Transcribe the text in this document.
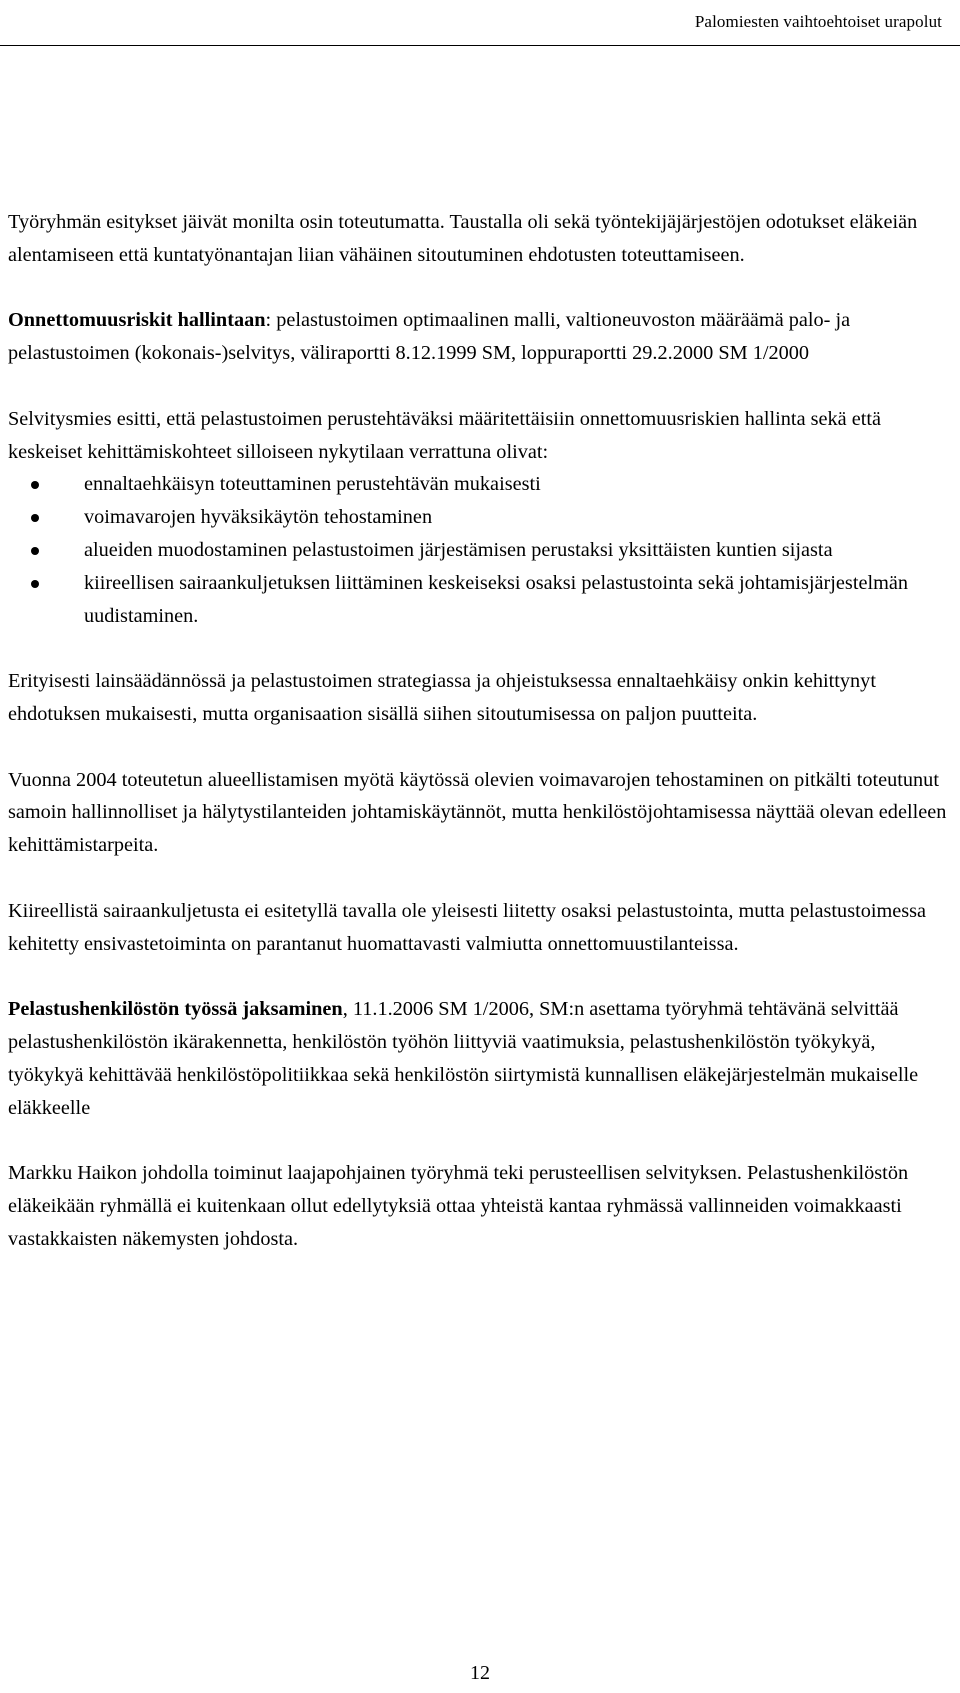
Palomiesten vaihtoehtoiset urapolut

Työryhmän esitykset jäivät monilta osin toteutumatta. Taustalla oli sekä työntekijäjärjestöjen odotukset eläkeiän alentamiseen että kuntatyönantajan liian vähäinen sitoutuminen ehdotusten toteuttamiseen.

Onnettomuusriskit hallintaan: pelastustoimen optimaalinen malli, valtioneuvoston määräämä palo- ja pelastustoimen (kokonais-)selvitys, väliraportti 8.12.1999 SM, loppuraportti 29.2.2000 SM 1/2000

Selvitysmies esitti, että pelastustoimen perustehtäväksi määritettäisiin onnettomuusriskien hallinta sekä että keskeiset kehittämiskohteet silloiseen nykytilaan verrattuna olivat:

ennaltaehkäisyn toteuttaminen perustehtävän mukaisesti
voimavarojen hyväksikäytön tehostaminen
alueiden muodostaminen pelastustoimen järjestämisen perustaksi yksittäisten kuntien sijasta
kiireellisen sairaankuljetuksen liittäminen keskeiseksi osaksi pelastustointa sekä johtamisjärjestelmän uudistaminen.

Erityisesti lainsäädännössä ja pelastustoimen strategiassa ja ohjeistuksessa ennaltaehkäisy onkin kehittynyt ehdotuksen mukaisesti, mutta organisaation sisällä siihen sitoutumisessa on paljon puutteita.

Vuonna 2004 toteutetun alueellistamisen myötä käytössä olevien voimavarojen tehostaminen on pitkälti toteutunut samoin hallinnolliset ja hälytystilanteiden johtamiskäytännöt, mutta henkilöstöjohtamisessa näyttää olevan edelleen kehittämistarpeita.

Kiireellistä sairaankuljetusta ei esitetyllä tavalla ole yleisesti liitetty osaksi pelastustointa, mutta pelastustoimessa kehitetty ensivastetoiminta on parantanut huomattavasti valmiutta onnettomuustilanteissa.

Pelastushenkilöstön työssä jaksaminen, 11.1.2006 SM 1/2006, SM:n asettama työryhmä tehtävänä selvittää pelastushenkilöstön ikärakennetta, henkilöstön työhön liittyviä vaatimuksia, pelastushenkilöstön työkykyä, työkykyä kehittävää henkilöstöpolitiikkaa sekä henkilöstön siirtymistä kunnallisen eläkejärjestelmän mukaiselle eläkkeelle

Markku Haikon johdolla toiminut laajapohjainen työryhmä teki perusteellisen selvityksen. Pelastushenkilöstön eläkeikään ryhmällä ei kuitenkaan ollut edellytyksiä ottaa yhteistä kantaa ryhmässä vallinneiden voimakkaasti vastakkaisten näkemysten johdosta.

12
